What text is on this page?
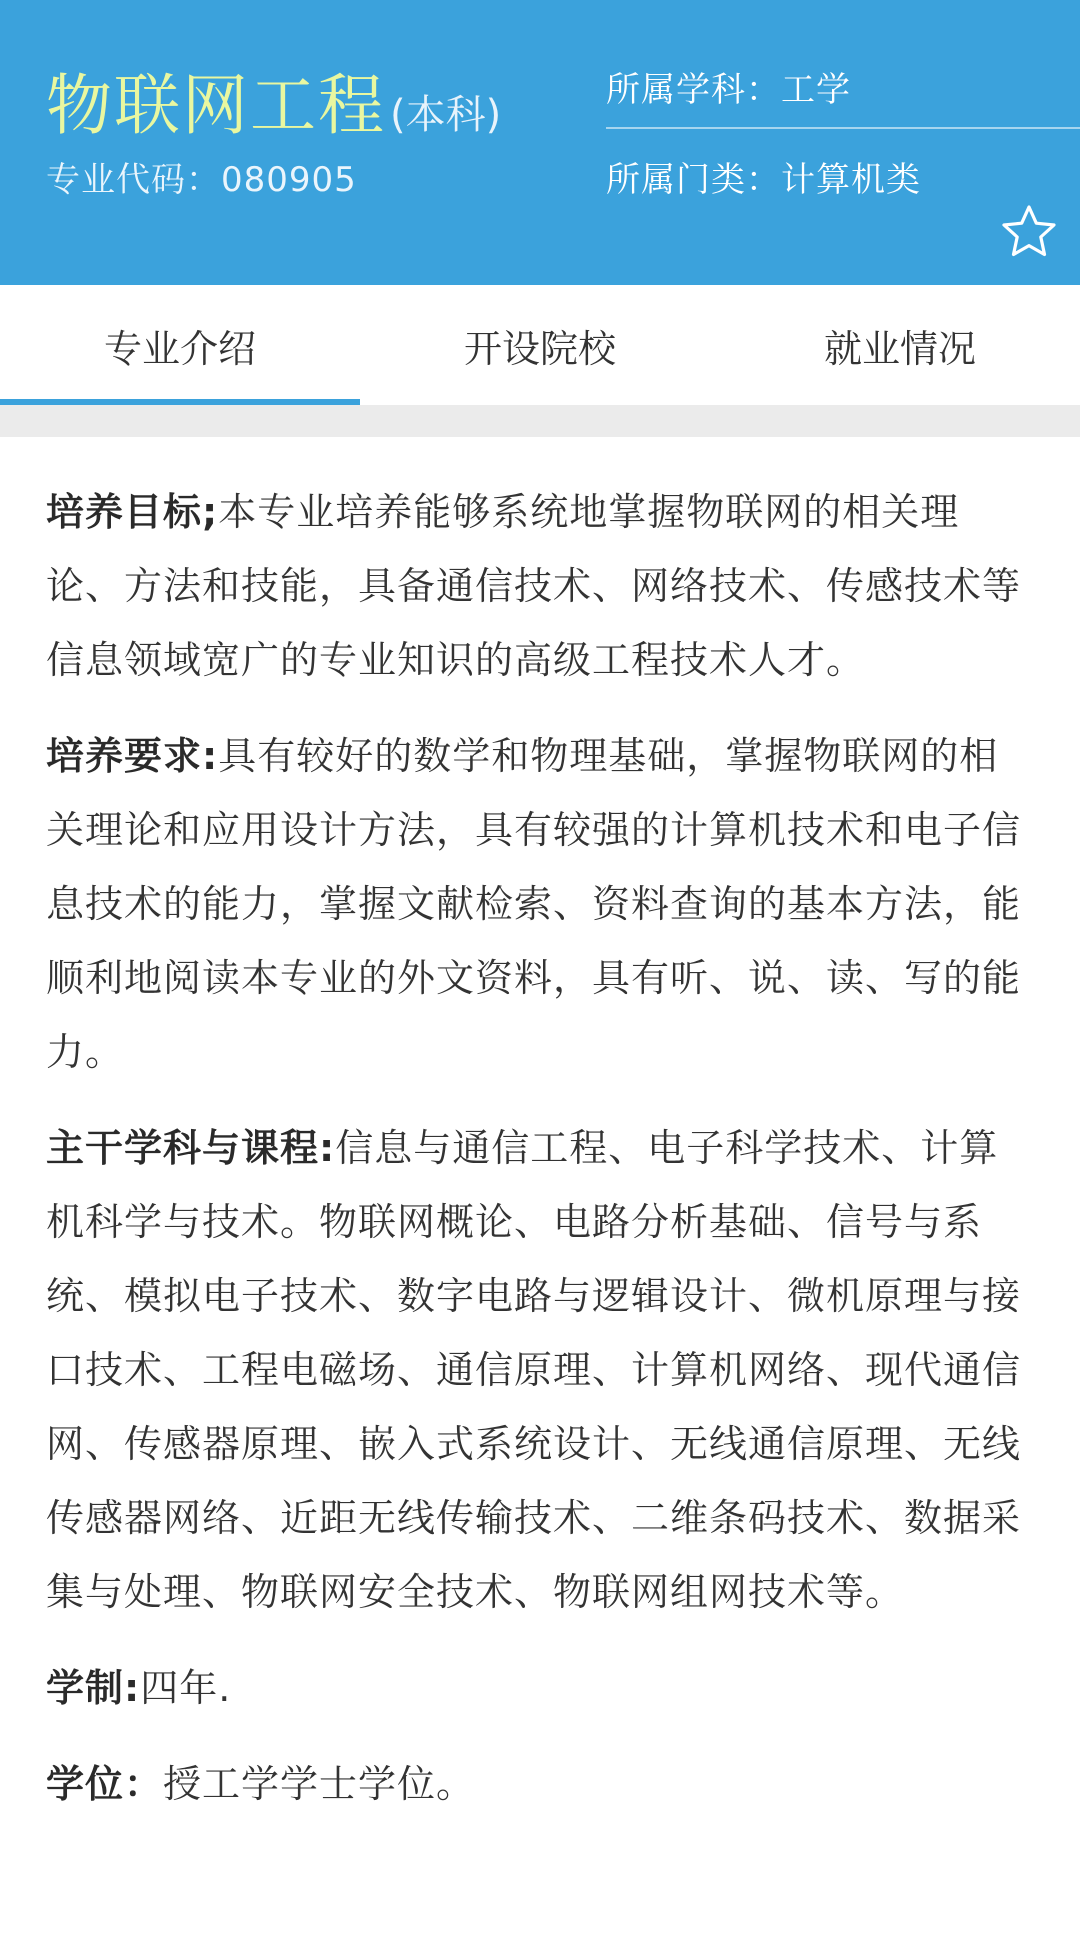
物联网工程 (本科)
专业代码：080905
所属学科：工学
所属门类：计算机类
专业介绍	开设院校	就业情况

培养目标;本专业培养能够系统地掌握物联网的相关理论、方法和技能，具备通信技术、网络技术、传感技术等信息领域宽广的专业知识的高级工程技术人才。

培养要求:具有较好的数学和物理基础，掌握物联网的相关理论和应用设计方法，具有较强的计算机技术和电子信息技术的能力，掌握文献检索、资料查询的基本方法，能顺利地阅读本专业的外文资料，具有听、说、读、写的能力。

主干学科与课程:信息与通信工程、电子科学技术、计算机科学与技术。物联网概论、电路分析基础、信号与系统、模拟电子技术、数字电路与逻辑设计、微机原理与接口技术、工程电磁场、通信原理、计算机网络、现代通信网、传感器原理、嵌入式系统设计、无线通信原理、无线传感器网络、近距无线传输技术、二维条码技术、数据采集与处理、物联网安全技术、物联网组网技术等。

学制:四年.

学位：授工学学士学位。
